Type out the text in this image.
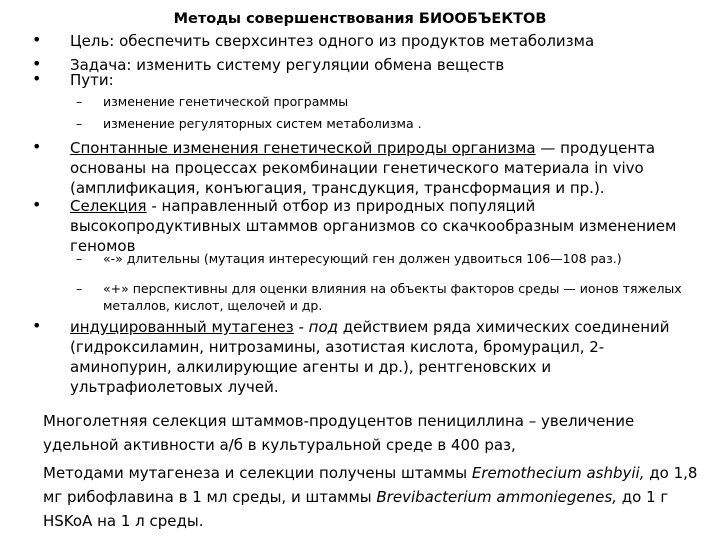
Методы совершенствования БИООБЪЕКТОВ
• Цель: обеспечить сверхсинтез одного из продуктов метаболизма
• Задача: изменить систему регуляции обмена веществ
• Пути:
– изменение генетической программы
– изменение регуляторных систем метаболизма .
• Спонтанные изменения генетической природы организма — продуцента основаны на процессах рекомбинации генетического материала in vivo (амплификация, конъюгация, трансдукция, трансформация и пр.).
• Селекция - направленный отбор из природных популяций высокопродуктивных штаммов организмов со скачкообразным изменением геномов
– «-» длительны (мутация интересующий ген должен удвоиться 106—108 раз.)
– «+» перспективны для оценки влияния на объекты факторов среды — ионов тяжелых металлов, кислот, щелочей и др.
• индуцированный мутагенез - под действием ряда химических соединений (гидроксиламин, нитрозамины, азотистая кислота, бромурацил, 2-аминопурин, алкилирующие агенты и др.), рентгеновских и ультрафиолетовых лучей.
Многолетняя селекция штаммов-продуцентов пенициллина – увеличение удельной активности а/б в культуральной среде в 400 раз,
Методами мутагенеза и селекции получены штаммы Eremothecium ashbyii, до 1,8 мг рибофлавина в 1 мл среды, и штаммы Brevibacterium ammoniegenes, до 1 г HSKoA на 1 л среды.
